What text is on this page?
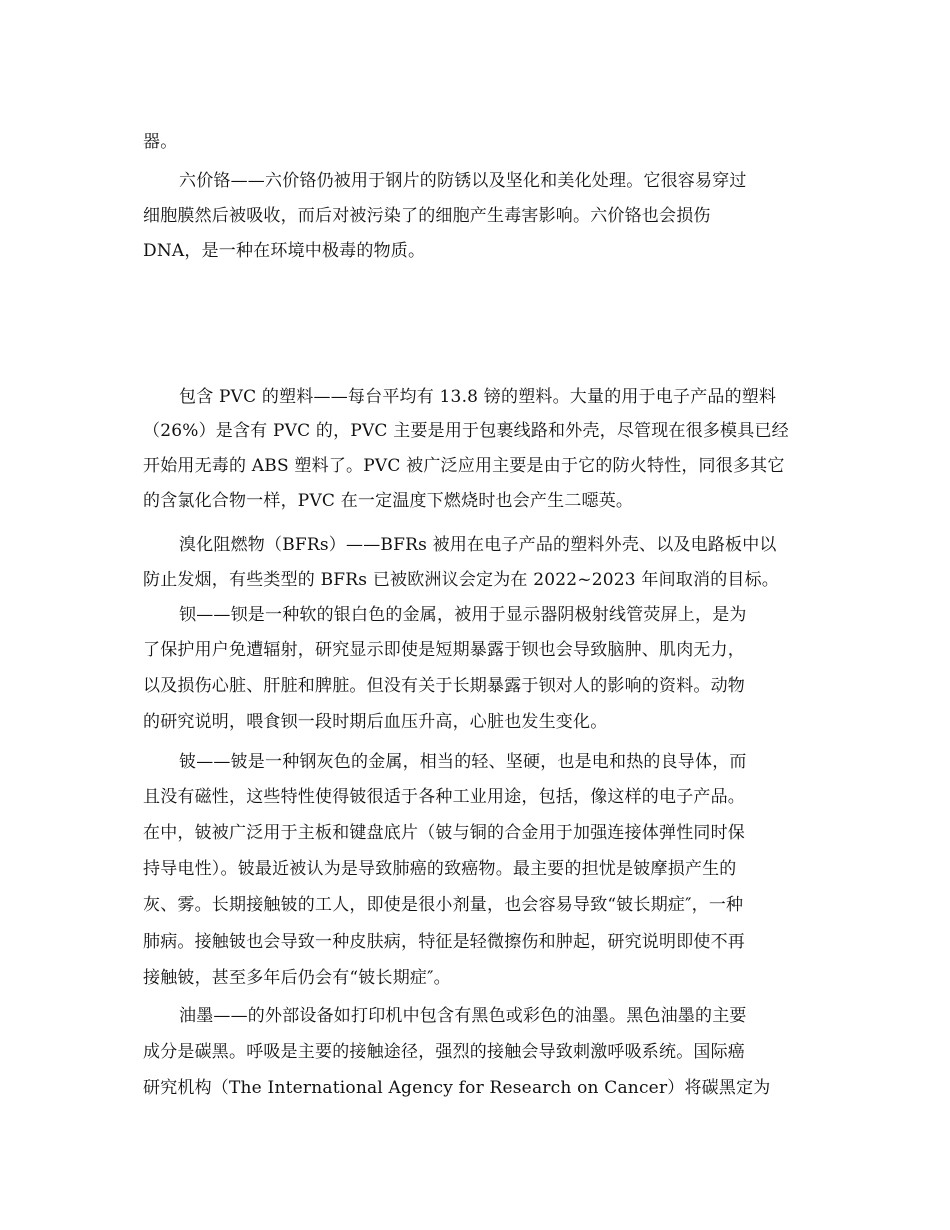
器。
六价铬——六价铬仍被用于钢片的防锈以及坚化和美化处理。它很容易穿过
细胞膜然后被吸收，而后对被污染了的细胞产生毒害影响。六价铬也会损伤
DNA，是一种在环境中极毒的物质。
包含 PVC 的塑料——每台平均有 13.8 镑的塑料。大量的用于电子产品的塑料
（26%）是含有 PVC 的，PVC 主要是用于包裹线路和外壳，尽管现在很多模具已经
开始用无毒的 ABS 塑料了。PVC 被广泛应用主要是由于它的防火特性，同很多其它
的含氯化合物一样，PVC 在一定温度下燃烧时也会产生二噁英。
溴化阻燃物（BFRs）——BFRs 被用在电子产品的塑料外壳、以及电路板中以
防止发烟，有些类型的 BFRs 已被欧洲议会定为在 2022~2023 年间取消的目标。
钡——钡是一种软的银白色的金属，被用于显示器阴极射线管荧屏上，是为
了保护用户免遭辐射，研究显示即使是短期暴露于钡也会导致脑肿、肌肉无力，
以及损伤心脏、肝脏和脾脏。但没有关于长期暴露于钡对人的影响的资料。动物
的研究说明，喂食钡一段时期后血压升高，心脏也发生变化。
铍——铍是一种钢灰色的金属，相当的轻、坚硬，也是电和热的良导体，而
且没有磁性，这些特性使得铍很适于各种工业用途，包括，像这样的电子产品。
在中，铍被广泛用于主板和键盘底片（铍与铜的合金用于加强连接体弹性同时保
持导电性）。铍最近被认为是导致肺癌的致癌物。最主要的担忧是铍摩损产生的
灰、雾。长期接触铍的工人，即使是很小剂量，也会容易导致“铍长期症″，一种
肺病。接触铍也会导致一种皮肤病，特征是轻微擦伤和肿起，研究说明即使不再
接触铍，甚至多年后仍会有“铍长期症″。
油墨——的外部设备如打印机中包含有黑色或彩色的油墨。黑色油墨的主要
成分是碳黑。呼吸是主要的接触途径，强烈的接触会导致刺激呼吸系统。国际癌
研究机构（The International Agency for Research on Cancer）将碳黑定为
